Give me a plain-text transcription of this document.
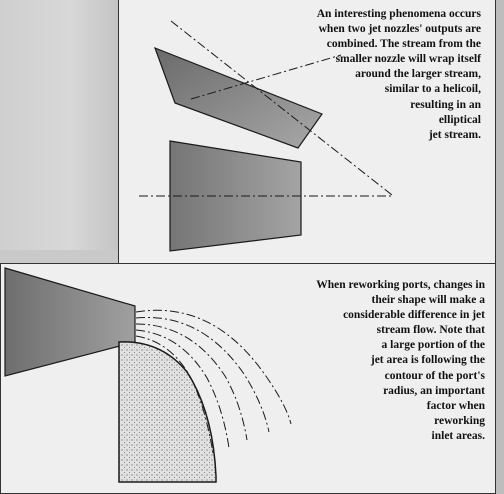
An interesting phenomena occurs
when two jet nozzles' outputs are
combined. The stream from the
smaller nozzle will wrap itself
around the larger stream,
similar to a helicoil,
resulting in an
elliptical
jet stream.
When reworking ports, changes in
their shape will make a
considerable difference in jet
stream flow. Note that
a large portion of the
jet area is following the
contour of the port's
radius, an important
factor when
reworking
inlet areas.
